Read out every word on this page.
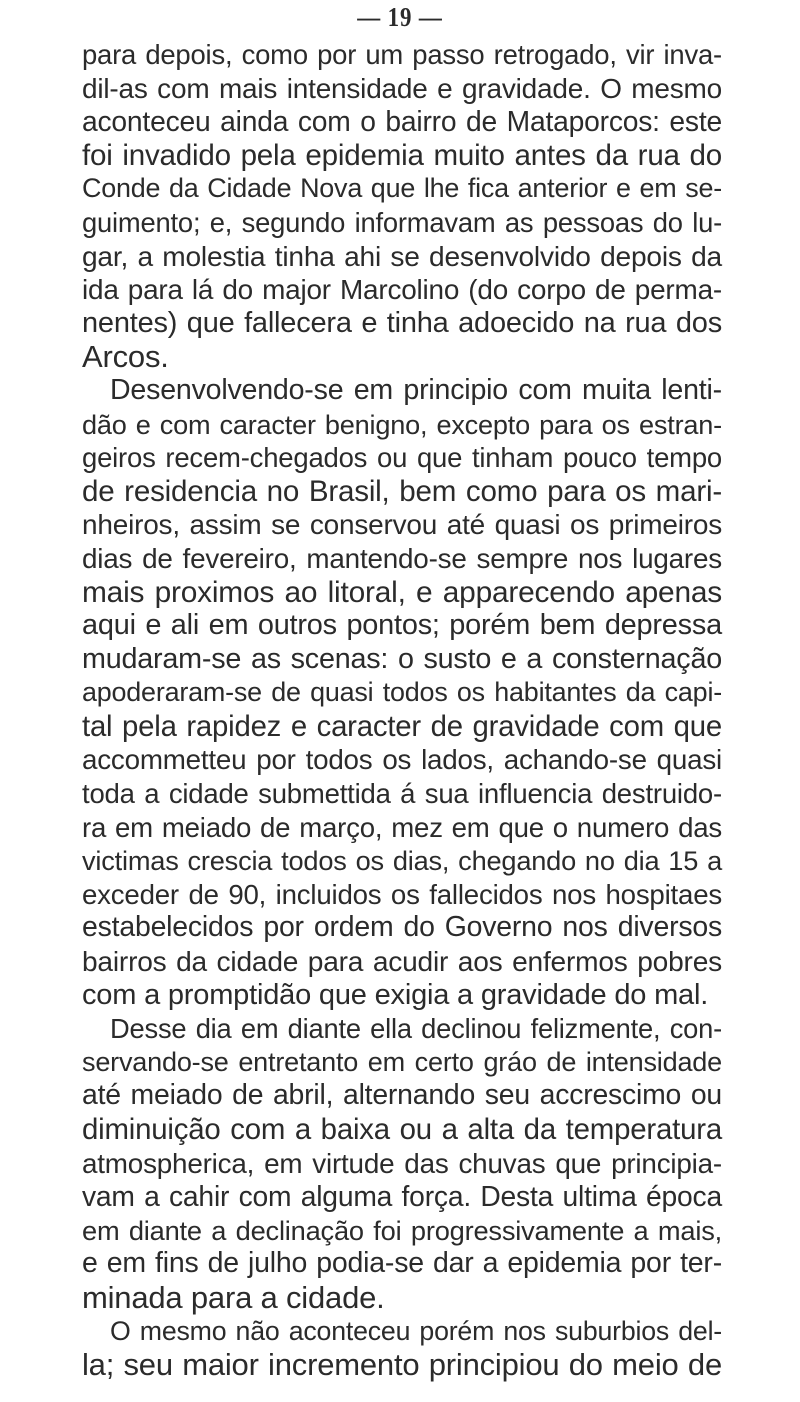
— 19 —
para depois, como por um passo retrogado, vir inva-
dil-as com mais intensidade e gravidade. O mesmo
aconteceu ainda com o bairro de Mataporcos: este
foi invadido pela epidemia muito antes da rua do
Conde da Cidade Nova que lhe fica anterior e em se-
guimento; e, segundo informavam as pessoas do lu-
gar, a molestia tinha ahi se desenvolvido depois da
ida para lá do major Marcolino (do corpo de perma-
nentes) que fallecera e tinha adoecido na rua dos
Arcos.
Desenvolvendo-se em principio com muita lenti-
dão e com caracter benigno, excepto para os estran-
geiros recem-chegados ou que tinham pouco tempo
de residencia no Brasil, bem como para os mari-
nheiros, assim se conservou até quasi os primeiros
dias de fevereiro, mantendo-se sempre nos lugares
mais proximos ao litoral, e apparecendo apenas
aqui e ali em outros pontos; porém bem depressa
mudaram-se as scenas: o susto e a consternação
apoderaram-se de quasi todos os habitantes da capi-
tal pela rapidez e caracter de gravidade com que
accommetteu por todos os lados, achando-se quasi
toda a cidade submettida á sua influencia destruido-
ra em meiado de março, mez em que o numero das
victimas crescia todos os dias, chegando no dia 15 a
exceder de 90, incluidos os fallecidos nos hospitaes
estabelecidos por ordem do Governo nos diversos
bairros da cidade para acudir aos enfermos pobres
com a promptidão que exigia a gravidade do mal.
Desse dia em diante ella declinou felizmente, con-
servando-se entretanto em certo gráo de intensidade
até meiado de abril, alternando seu accrescimo ou
diminuição com a baixa ou a alta da temperatura
atmospherica, em virtude das chuvas que principia-
vam a cahir com alguma força. Desta ultima época
em diante a declinação foi progressivamente a mais,
e em fins de julho podia-se dar a epidemia por ter-
minada para a cidade.
O mesmo não aconteceu porém nos suburbios del-
la; seu maior incremento principiou do meio de
